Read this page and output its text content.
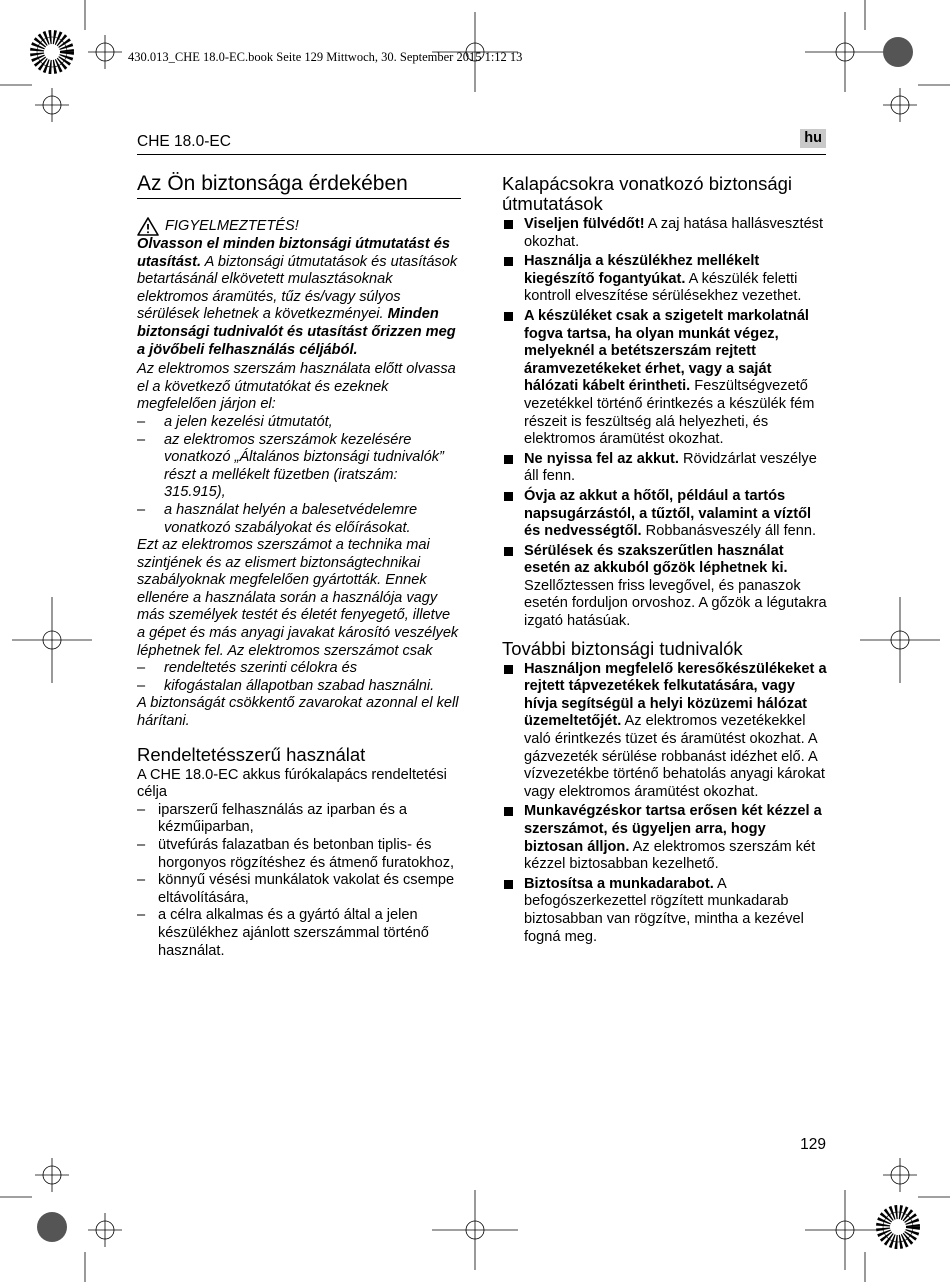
430.013_CHE 18.0-EC.book Seite 129 Mittwoch, 30. September 2015 1:12 13
CHE 18.0-EC	hu
Az Ön biztonsága érdekében
FIGYELMEZTETÉS!

Olvasson el minden biztonsági útmutatást és utasítást. A biztonsági útmutatások és utasítások betartásánál elkövetett mulasztásoknak elektromos áramütés, tűz és/vagy súlyos sérülések lehetnek a következményei. Minden biztonsági tudnivalót és utasítást őrizzen meg a jövőbeli felhasználás céljából.

Az elektromos szerszám használata előtt olvassa el a következő útmutatókat és ezeknek megfelelően járjon el:

– a jelen kezelési útmutatót,
– az elektromos szerszámok kezelésére vonatkozó „Általános biztonsági tudnivalók” részt a mellékelt füzetben (iratszám: 315.915),
– a használat helyén a balesetvédelemre vonatkozó szabályokat és előírásokat.

Ezt az elektromos szerszámot a technika mai szintjének és az elismert biztonságtechnikai szabályoknak megfelelően gyártották. Ennek ellenére a használata során a használója vagy más személyek testét és életét fenyegető, illetve a gépet és más anyagi javakat károsító veszélyek léphetnek fel. Az elektromos szerszámot csak

– rendeltetés szerinti célokra és
– kifogástalan állapotban szabad használni.

A biztonságát csökkentő zavarokat azonnal el kell hárítani.

Rendeltetésszerű használat

A CHE 18.0-EC akkus fúrókalapács rendeltetési célja

– iparszerű felhasználás az iparban és a kézműiparban,
– ütvefúrás falazatban és betonban tiplis- és horgonyos rögzítéshez és átmenő furatokhoz,
– könnyű vésési munkálatok vakolat és csempe eltávolítására,
– a célra alkalmas és a gyártó által a jelen készülékhez ajánlott szerszámmal történő használat.
Kalapácsokra vonatkozó biztonsági útmutatások
Viseljen fülvédőt! A zaj hatása hallásvesztést okozhat.
Használja a készülékhez mellékelt kiegészítő fogantyúkat. A készülék feletti kontroll elveszítése sérülésekhez vezethet.
A készüléket csak a szigetelt markolatnál fogva tartsa, ha olyan munkát végez, melyeknél a betétszerszám rejtett áramvezetékeket érhet, vagy a saját hálózati kábelt érintheti. Feszültségvezető vezetékkel történő érintkezés a készülék fém részeit is feszültség alá helyezheti, és elektromos áramütést okozhat.
Ne nyissa fel az akkut. Rövidzárlat veszélye áll fenn.
Óvja az akkut a hőtől, például a tartós napsugárzástól, a tűztől, valamint a víztől és nedvességtől. Robbanásveszély áll fenn.
Sérülések és szakszerűtlen használat esetén az akkuból gőzök léphetnek ki. Szellőztessen friss levegővel, és panaszok esetén forduljon orvoshoz. A gőzök a légutakra izgató hatásúak.
További biztonsági tudnivalók
Használjon megfelelő keresőkészülékeket a rejtett tápvezetékek felkutatására, vagy hívja segítségül a helyi közüzemi hálózat üzemeltetőjét. Az elektromos vezetékekkel való érintkezés tüzet és áramütést okozhat. A gázvezeték sérülése robbanást idézhet elő. A vízvezetékbe történő behatolás anyagi károkat vagy elektromos áramütést okozhat.
Munkavégzéskor tartsa erősen két kézzel a szerszámot, és ügyeljen arra, hogy biztosan álljon. Az elektromos szerszám két kézzel biztosabban kezelhető.
Biztosítsa a munkadarabot. A befogószerkezettel rögzített munkadarab biztosabban van rögzítve, mintha a kezével fogná meg.
129
